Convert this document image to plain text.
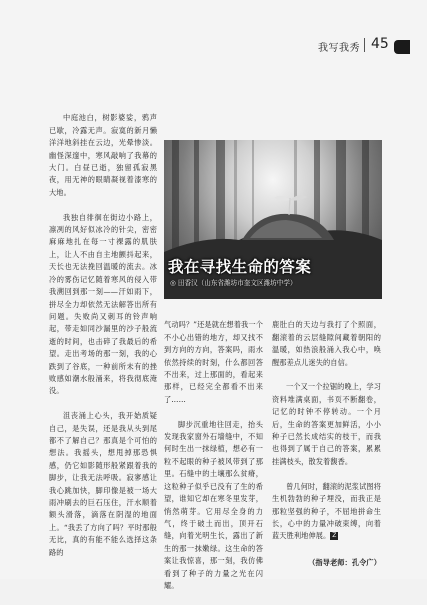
我写我秀 45

中庭池白，树影婆娑，鸦声已歇，冷露无声。寂寞的新月懒洋洋地斜挂在云边，光晕惨淡。幽怪深邃中，寒风敲响了我幕的大门。白昼已逝，独留孤寂黑夜，用无神的眼睛凝视着漆寒的大地。

我独自徘徊在街边小路上，凛冽的风好似冰冷的针尖，密密麻麻地扎在每一寸裸露的肌肤上，让人不由自主地颤抖起来，天长也无法挽回温暖的流去。冰冷的雾伤记忆随着寒风的侵入带我溯回到那一刻——汗如雨下，拼尽全力却依然无法解答出所有问题。失败尚又刺耳的铃声响起，带走如同沙漏里的沙子般流逝的时间，也击碎了我最后的希望。走出考场的那一刻，我的心跌到了谷底，一种前所未有的挫败感如潮水般涌来，将我彻底淹没。

沮丧涌上心头，我开始质疑自己，是失误，还是我从头到尾都不了解自己？那真是个可怕的想法。我摇头，想甩掉那恐惧感，仍它如影随形般紧跟着我的脚步，让我无法呼吸。寂寥感让我心跳加快，脚印像是被一场大雨冲刷去的巨石压住，汗水顺着额头滑落，滴落在阴湿的地面上。“我丢了方向了吗？平时那般无比，真的有能不能么选择这条路的

我在寻找生命的答案
◎ 田香汉（山东省潍坊市奎文区潍坊中学）

气动吗？”还是就在想着我一个不小心出错的地方，却又找不到方向的方向，答案吗，雨水依然持续的时刻，什么都回答不出来，过上那面的，看起来那样，已经完全都看不出来了……

脚步沉重地往回走，抬头发现我家窗外石墙缝中，不知何时生出一抹绿植，想必有一粒不起眼的种子被风带到了那里。石缝中的土壤那么贫瘠，这粒种子似乎已没有了生的希望，谁知它却在寒冬里发芽，悄然萌芽。它用尽全身的力气，终于破土而出，顶开石缝，向着光明生长，露出了新生的那一抹嫩绿。这生命的答案让我惊喜，那一刻，我仿佛看到了种子的力量之光在闪耀。

鹿肚白的天边与我打了个照面，翻滚着的云层缝隙间藏着朝阳的温暖，如热浪般涌入我心中，唤醒那差点儿迷失的自信。

一个又一个拉锯的晚上，学习资料堆满桌面，书页不断翻卷，记忆的时钟不停转动。一个月后，生命的答案更加鲜活，小小种子已然长成结实的枝干，而我也得到了属于自己的答案，累累挂满枝头，散发着馥香。

曾几何时，翻滚的泥浆试图将生机勃勃的种子埋没，而我正是那粒坚强的种子，不屈地拼命生长，心中的力量冲破束缚，向着蓝天胜利地伸展。 Z

（指导老师：孔令广）
